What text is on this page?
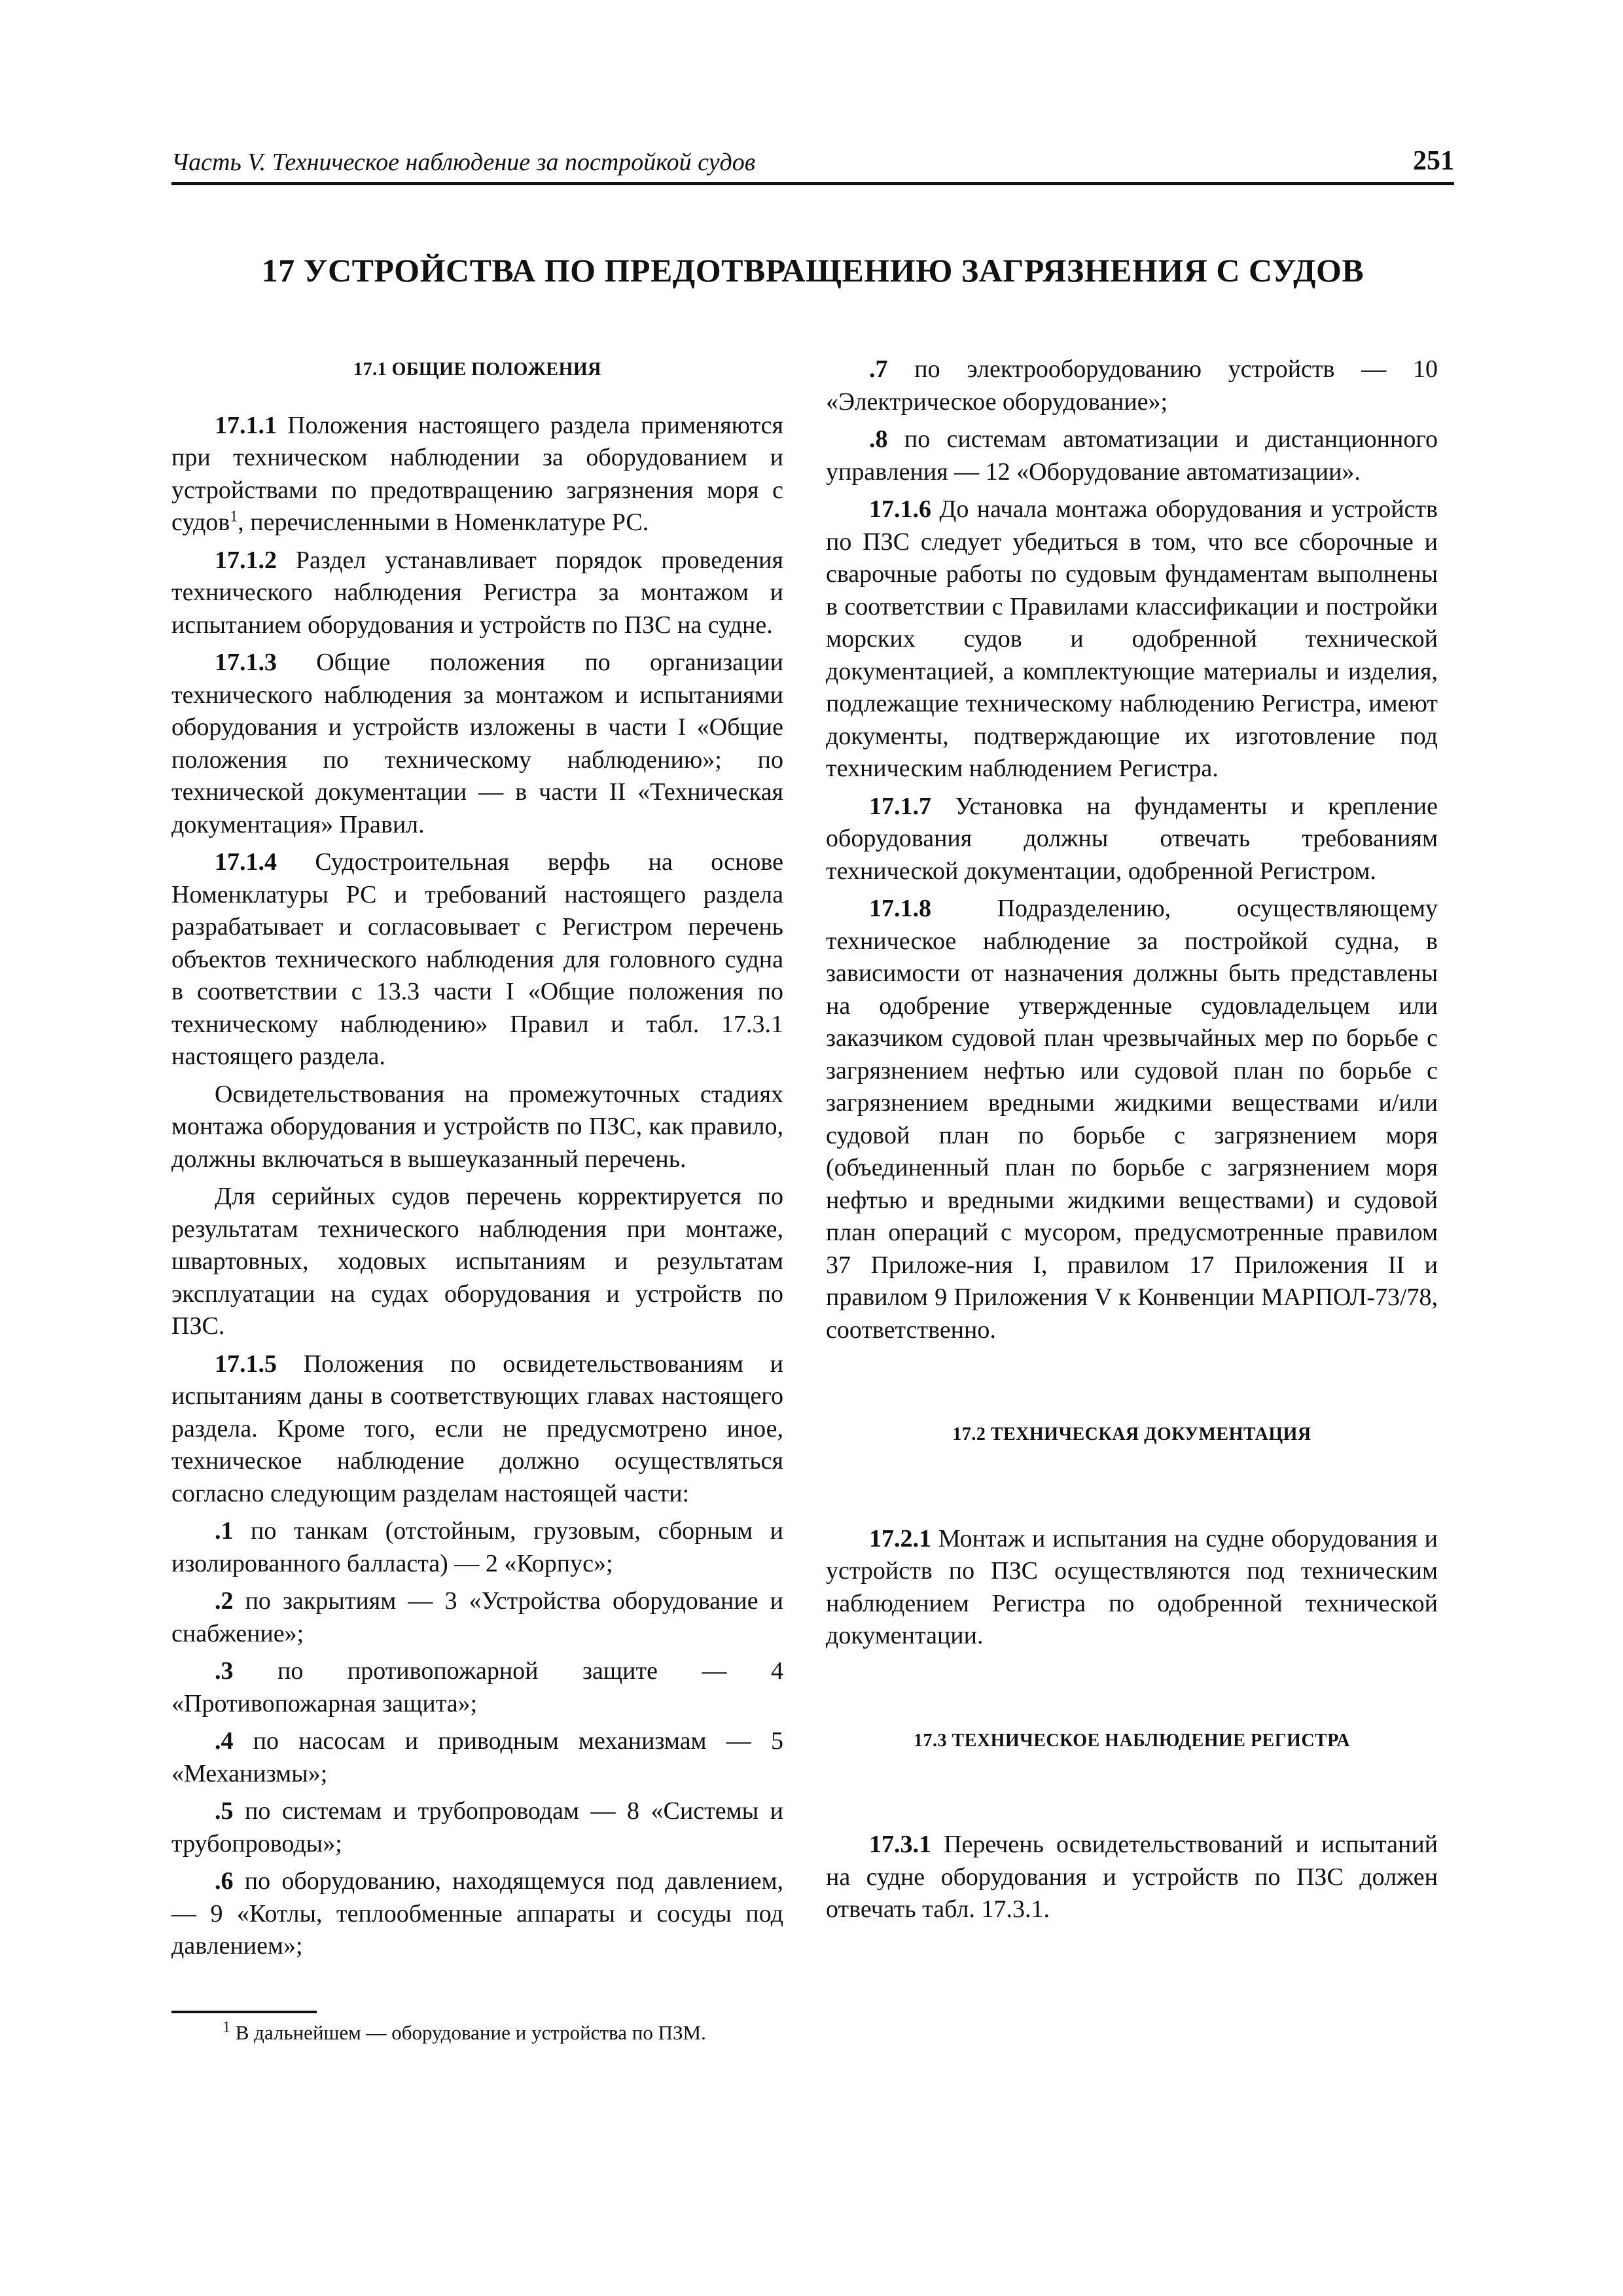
Часть V. Техническое наблюдение за постройкой судов	251
17 УСТРОЙСТВА ПО ПРЕДОТВРАЩЕНИЮ ЗАГРЯЗНЕНИЯ С СУДОВ
17.1 ОБЩИЕ ПОЛОЖЕНИЯ

17.1.1 Положения настоящего раздела применяются при техническом наблюдении за оборудованием и устройствами по предотвращению загрязнения моря с судов$^1$, перечисленными в Номенклатуре РС.

17.1.2 Раздел устанавливает порядок проведения технического наблюдения Регистра за монтажом и испытанием оборудования и устройств по ПЗС на судне.

17.1.3 Общие положения по организации технического наблюдения за монтажом и испытаниями оборудования и устройств изложены в части I «Общие положения по техническому наблюдению»; по технической документации — в части II «Техническая документация» Правил.

17.1.4 Судостроительная верфь на основе Номенклатуры РС и требований настоящего раздела разрабатывает и согласовывает с Регистром перечень объектов технического наблюдения для головного судна в соответствии с 13.3 части I «Общие положения по техническому наблюдению» Правил и табл. 17.3.1 настоящего раздела.

Освидетельствования на промежуточных стадиях монтажа оборудования и устройств по ПЗС, как правило, должны включаться в вышеуказанный перечень.

Для серийных судов перечень корректируется по результатам технического наблюдения при монтаже, швартовных, ходовых испытаниям и результатам эксплуатации на судах оборудования и устройств по ПЗС.

17.1.5 Положения по освидетельствованиям и испытаниям даны в соответствующих главах настоящего раздела. Кроме того, если не предусмотрено иное, техническое наблюдение должно осуществляться согласно следующим разделам настоящей части:

.1 по танкам (отстойным, грузовым, сборным и изолированного балласта) — 2 «Корпус»;

.2 по закрытиям — 3 «Устройства оборудование и снабжение»;

.3 по противопожарной защите — 4 «Противопожарная защита»;

.4 по насосам и приводным механизмам — 5 «Механизмы»;

.5 по системам и трубопроводам — 8 «Системы и трубопроводы»;

.6 по оборудованию, находящемуся под давлением, — 9 «Котлы, теплообменные аппараты и сосуды под давлением»;

.7 по электрооборудованию устройств — 10 «Электрическое оборудование»;

.8 по системам автоматизации и дистанционного управления — 12 «Оборудование автоматизации».

17.1.6 До начала монтажа оборудования и устройств по ПЗС следует убедиться в том, что все сборочные и сварочные работы по судовым фундаментам выполнены в соответствии с Правилами классификации и постройки морских судов и одобренной технической документацией, а комплектующие материалы и изделия, подлежащие техническому наблюдению Регистра, имеют документы, подтверждающие их изготовление под техническим наблюдением Регистра.

17.1.7 Установка на фундаменты и крепление оборудования должны отвечать требованиям технической документации, одобренной Регистром.

17.1.8 Подразделению, осуществляющему техническое наблюдение за постройкой судна, в зависимости от назначения должны быть представлены на одобрение утвержденные судовладельцем или заказчиком судовой план чрезвычайных мер по борьбе с загрязнением нефтью или судовой план по борьбе с загрязнением вредными жидкими веществами и/или судовой план по борьбе с загрязнением моря (объединенный план по борьбе с загрязнением моря нефтью и вредными жидкими веществами) и судовой план операций с мусором, предусмотренные правилом 37 Приложе-ния I, правилом 17 Приложения II и правилом 9 Приложения V к Конвенции МАРПОЛ-73/78, соответственно.

17.2 ТЕХНИЧЕСКАЯ ДОКУМЕНТАЦИЯ

17.2.1 Монтаж и испытания на судне оборудования и устройств по ПЗС осуществляются под техническим наблюдением Регистра по одобренной технической документации.

17.3 ТЕХНИЧЕСКОЕ НАБЛЮДЕНИЕ РЕГИСТРА

17.3.1 Перечень освидетельствований и испытаний на судне оборудования и устройств по ПЗС должен отвечать табл. 17.3.1.

$^1$ В дальнейшем — оборудование и устройства по ПЗМ.
